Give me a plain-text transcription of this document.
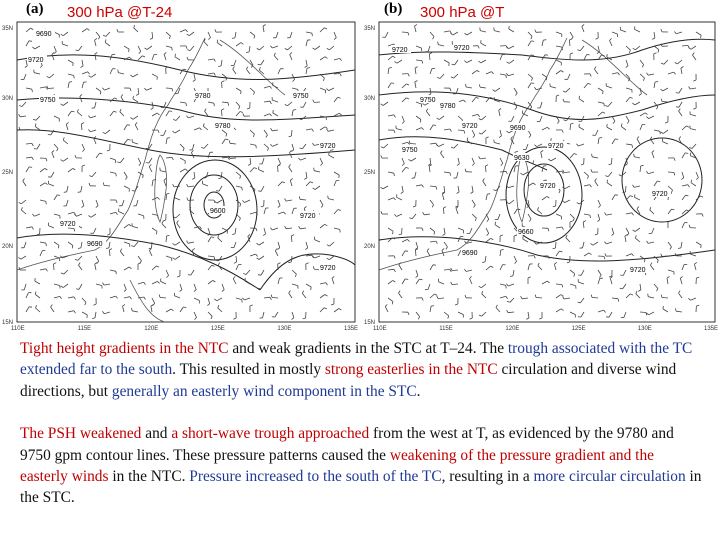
35N
30N
25N
20N
15N
110E	115E	120E	125E	130E	135E
9690
9720
9750
9780	9750
9780
9720
9720
9690
9600
9720
9720
(a) 300 hPa @T-24
35N
30N
25N
20N
15N
110E	115E	120E	125E	130E	135E
9720	9720
9750
9780
9750
9720	9690
9720
9630
9720
9720
9660
9690
9720
(b) 300 hPa @T

Tight height gradients in the NTC and weak gradients in the STC at T–24. The trough associated with the TC extended far to the south. This resulted in mostly strong easterlies in the NTC circulation and diverse wind directions, but generally an easterly wind component in the STC.

The PSH weakened and a short-wave trough approached from the west at T, as evidenced by the 9780 and 9750 gpm contour lines. These pressure patterns caused the weakening of the pressure gradient and the easterly winds in the NTC. Pressure increased to the south of the TC, resulting in a more circular circulation in the STC.
